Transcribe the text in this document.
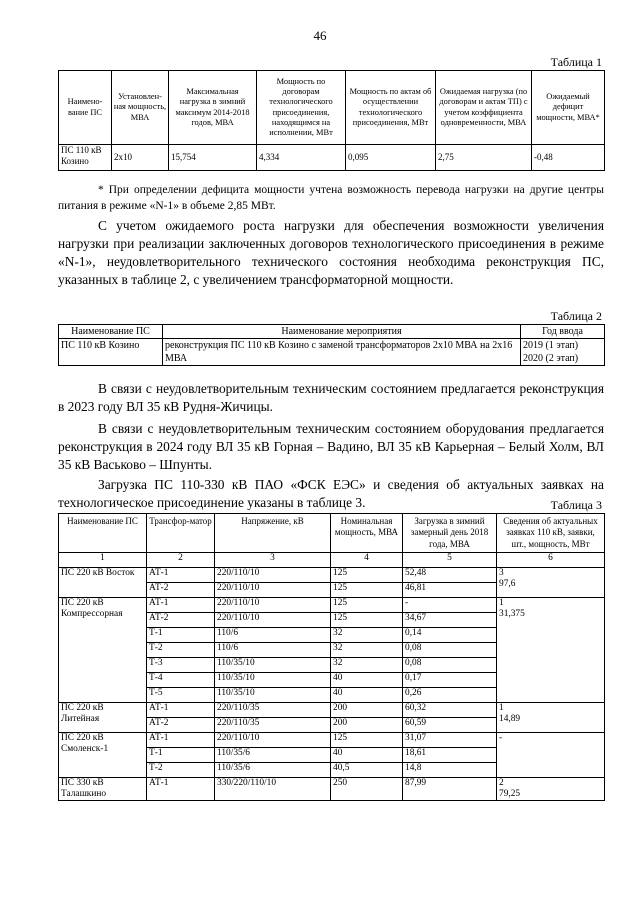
46
Таблица 1
Наимено-вание ПС	Установлен-ная мощность, МВА	Максимальная нагрузка в зимний максимум 2014-2018 годов, МВА	Мощность по договорам технологического присоединения, находящимся на исполнении, МВт	Мощность по актам об осуществлении технологического присоединения, МВт	Ожидаемая нагрузка (по договорам и актам ТП) с учетом коэффициента одновременности, МВА	Ожидаемый дефицит мощности, МВА*
ПС 110 кВ Козино	2х10	15,754	4,334	0,095	2,75	-0,48
* При определении дефицита мощности учтена возможность перевода нагрузки на другие центры питания в режиме «N-1» в объеме 2,85 МВт.
С учетом ожидаемого роста нагрузки для обеспечения возможности увеличения нагрузки при реализации заключенных договоров технологического присоединения в режиме «N-1», неудовлетворительного технического состояния необходима реконструкция ПС, указанных в таблице 2, с увеличением трансформаторной мощности.
Таблица 2
Наименование ПС	Наименование мероприятия	Год ввода
ПС 110 кВ Козино	реконструкция ПС 110 кВ Козино с заменой трансформаторов 2х10 МВА на 2х16 МВА	2019 (1 этап)
2020 (2 этап)
В связи с неудовлетворительным техническим состоянием предлагается реконструкция в 2023 году ВЛ 35 кВ Рудня-Жичицы.
В связи с неудовлетворительным техническим состоянием оборудования предлагается реконструкция в 2024 году ВЛ 35 кВ Горная – Вадино, ВЛ 35 кВ Карьерная – Белый Холм, ВЛ 35 кВ Васьково – Шпунты.
Загрузка ПС 110-330 кВ ПАО «ФСК ЕЭС» и сведения об актуальных заявках на технологическое присоединение указаны в таблице 3.	Таблица 3
Наименование ПС	Трансфор-матор	Напряжение, кВ	Номинальная мощность, МВА	Загрузка в зимний замерный день 2018 года, МВА	Сведения об актуальных заявках 110 кВ, заявки, шт., мощность, МВт
1	2	3	4	5	6
ПС 220 кВ Восток	АТ-1	220/110/10	125	52,48	3
97,6

	АТ-2	220/110/10	125	46,81	
ПС 220 кВ Компрессорная	АТ-1	220/110/10	125	-	1
31,375

	АТ-2	220/110/10	125	34,67	
	Т-1	110/6	32	0,14	
	Т-2	110/6	32	0,08	
	Т-3	110/35/10	32	0,08	
	Т-4	110/35/10	40	0,17	
	Т-5	110/35/10	40	0,26	
ПС 220 кВ Литейная	АТ-1	220/110/35	200	60,32	1
14,89

	АТ-2	220/110/35	200	60,59	
ПС 220 кВ Смоленск-1	АТ-1	220/110/10	125	31,07	-

	Т-1	110/35/6	40	18,61	
	Т-2	110/35/6	40,5	14,8	
ПС 330 кВ Талашкино	АТ-1	330/220/110/10	250	87,99	2
79,25
